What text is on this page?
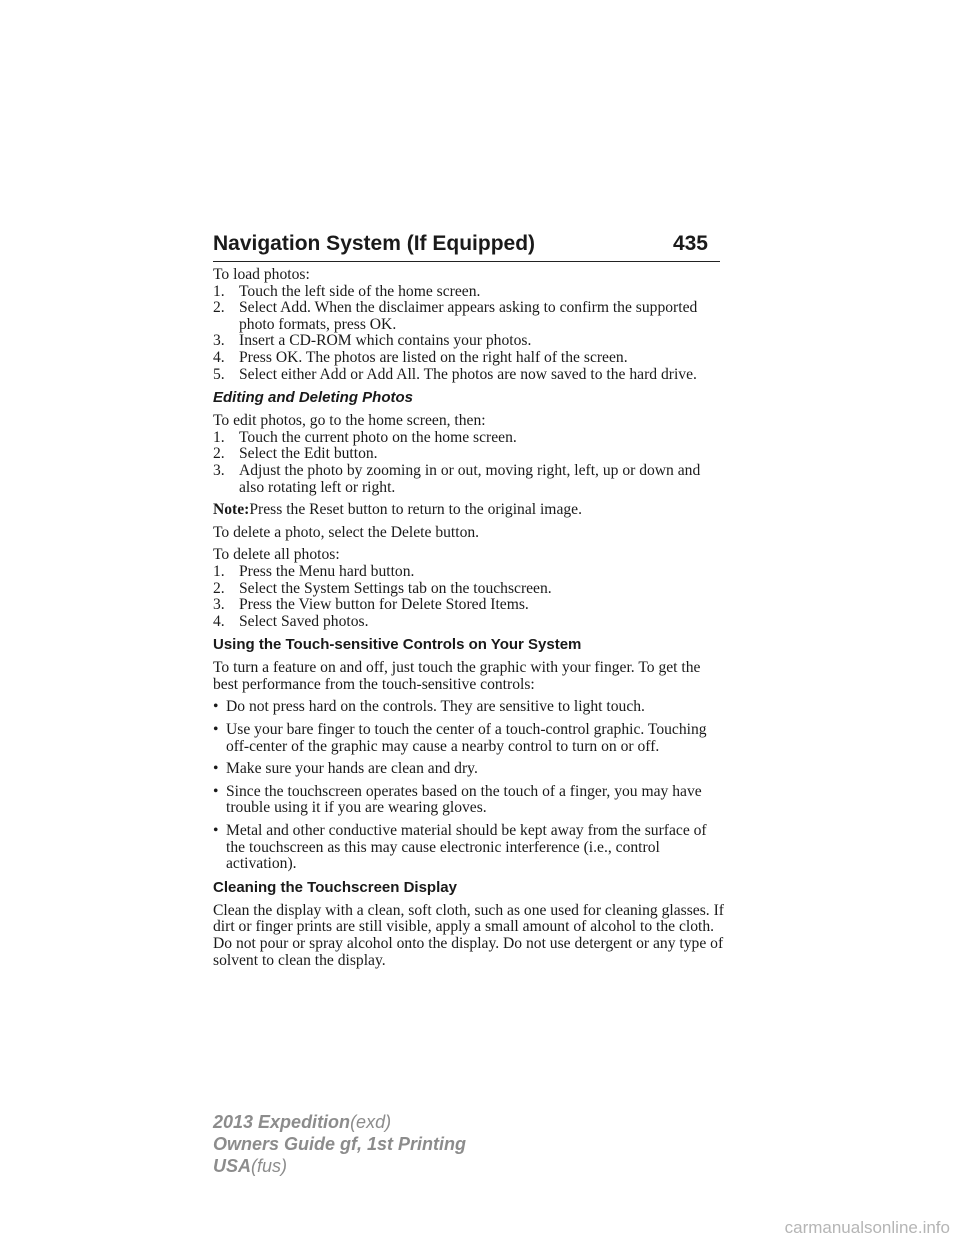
Navigation System (If Equipped)	435

To load photos:

1. Touch the left side of the home screen.
2. Select Add. When the disclaimer appears asking to confirm the supported photo formats, press OK.
3. Insert a CD-ROM which contains your photos.
4. Press OK. The photos are listed on the right half of the screen.
5. Select either Add or Add All. The photos are now saved to the hard drive.

Editing and Deleting Photos

To edit photos, go to the home screen, then:

1. Touch the current photo on the home screen.
2. Select the Edit button.
3. Adjust the photo by zooming in or out, moving right, left, up or down and also rotating left or right.

Note:Press the Reset button to return to the original image.

To delete a photo, select the Delete button.

To delete all photos:

1. Press the Menu hard button.
2. Select the System Settings tab on the touchscreen.
3. Press the View button for Delete Stored Items.
4. Select Saved photos.

Using the Touch-sensitive Controls on Your System

To turn a feature on and off, just touch the graphic with your finger. To get the best performance from the touch-sensitive controls:

• Do not press hard on the controls. They are sensitive to light touch.
• Use your bare finger to touch the center of a touch-control graphic. Touching off-center of the graphic may cause a nearby control to turn on or off.
• Make sure your hands are clean and dry.
• Since the touchscreen operates based on the touch of a finger, you may have trouble using it if you are wearing gloves.
• Metal and other conductive material should be kept away from the surface of the touchscreen as this may cause electronic interference (i.e., control activation).

Cleaning the Touchscreen Display

Clean the display with a clean, soft cloth, such as one used for cleaning glasses. If dirt or finger prints are still visible, apply a small amount of alcohol to the cloth. Do not pour or spray alcohol onto the display. Do not use detergent or any type of solvent to clean the display.

2013 Expedition(exd)
Owners Guide gf, 1st Printing
USA(fus)
carmanualsonline.info
